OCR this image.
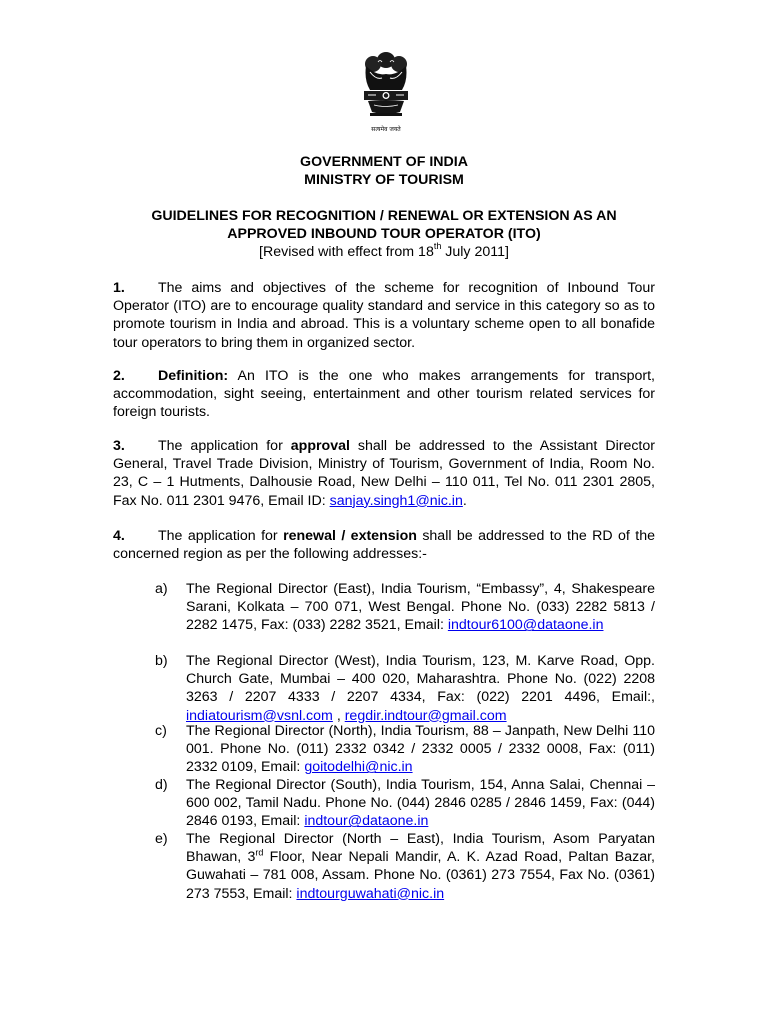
सत्यमेव जयते
GOVERNMENT OF INDIA
MINISTRY OF TOURISM
GUIDELINES FOR RECOGNITION / RENEWAL OR EXTENSION AS AN
APPROVED INBOUND TOUR OPERATOR (ITO)
[Revised with effect from 18th July 2011]
1. The aims and objectives of the scheme for recognition of Inbound Tour Operator (ITO) are to encourage quality standard and service in this category so as to promote tourism in India and abroad. This is a voluntary scheme open to all bonafide tour operators to bring them in organized sector.
2. Definition: An ITO is the one who makes arrangements for transport, accommodation, sight seeing, entertainment and other tourism related services for foreign tourists.
3. The application for approval shall be addressed to the Assistant Director General, Travel Trade Division, Ministry of Tourism, Government of India, Room No. 23, C – 1 Hutments, Dalhousie Road, New Delhi – 110 011, Tel No. 011 2301 2805, Fax No. 011 2301 9476, Email ID: sanjay.singh1@nic.in.
4. The application for renewal / extension shall be addressed to the RD of the concerned region as per the following addresses:-
a)	The Regional Director (East), India Tourism, “Embassy”, 4, Shakespeare Sarani, Kolkata – 700 071, West Bengal. Phone No. (033) 2282 5813 / 2282 1475, Fax: (033) 2282 3521, Email: indtour6100@dataone.in
b)	The Regional Director (West), India Tourism, 123, M. Karve Road, Opp. Church Gate, Mumbai – 400 020, Maharashtra. Phone No. (022) 2208 3263 / 2207 4333 / 2207 4334, Fax: (022) 2201 4496, Email:, indiatourism@vsnl.com , regdir.indtour@gmail.com
c)	The Regional Director (North), India Tourism, 88 – Janpath, New Delhi 110 001. Phone No. (011) 2332 0342 / 2332 0005 / 2332 0008, Fax: (011) 2332 0109, Email: goitodelhi@nic.in
d)	The Regional Director (South), India Tourism, 154, Anna Salai, Chennai – 600 002, Tamil Nadu. Phone No. (044) 2846 0285 / 2846 1459, Fax: (044) 2846 0193, Email: indtour@dataone.in
e)	The Regional Director (North – East), India Tourism, Asom Paryatan Bhawan, 3rd Floor, Near Nepali Mandir, A. K. Azad Road, Paltan Bazar, Guwahati – 781 008, Assam. Phone No. (0361) 273 7554, Fax No. (0361) 273 7553, Email: indtourguwahati@nic.in
